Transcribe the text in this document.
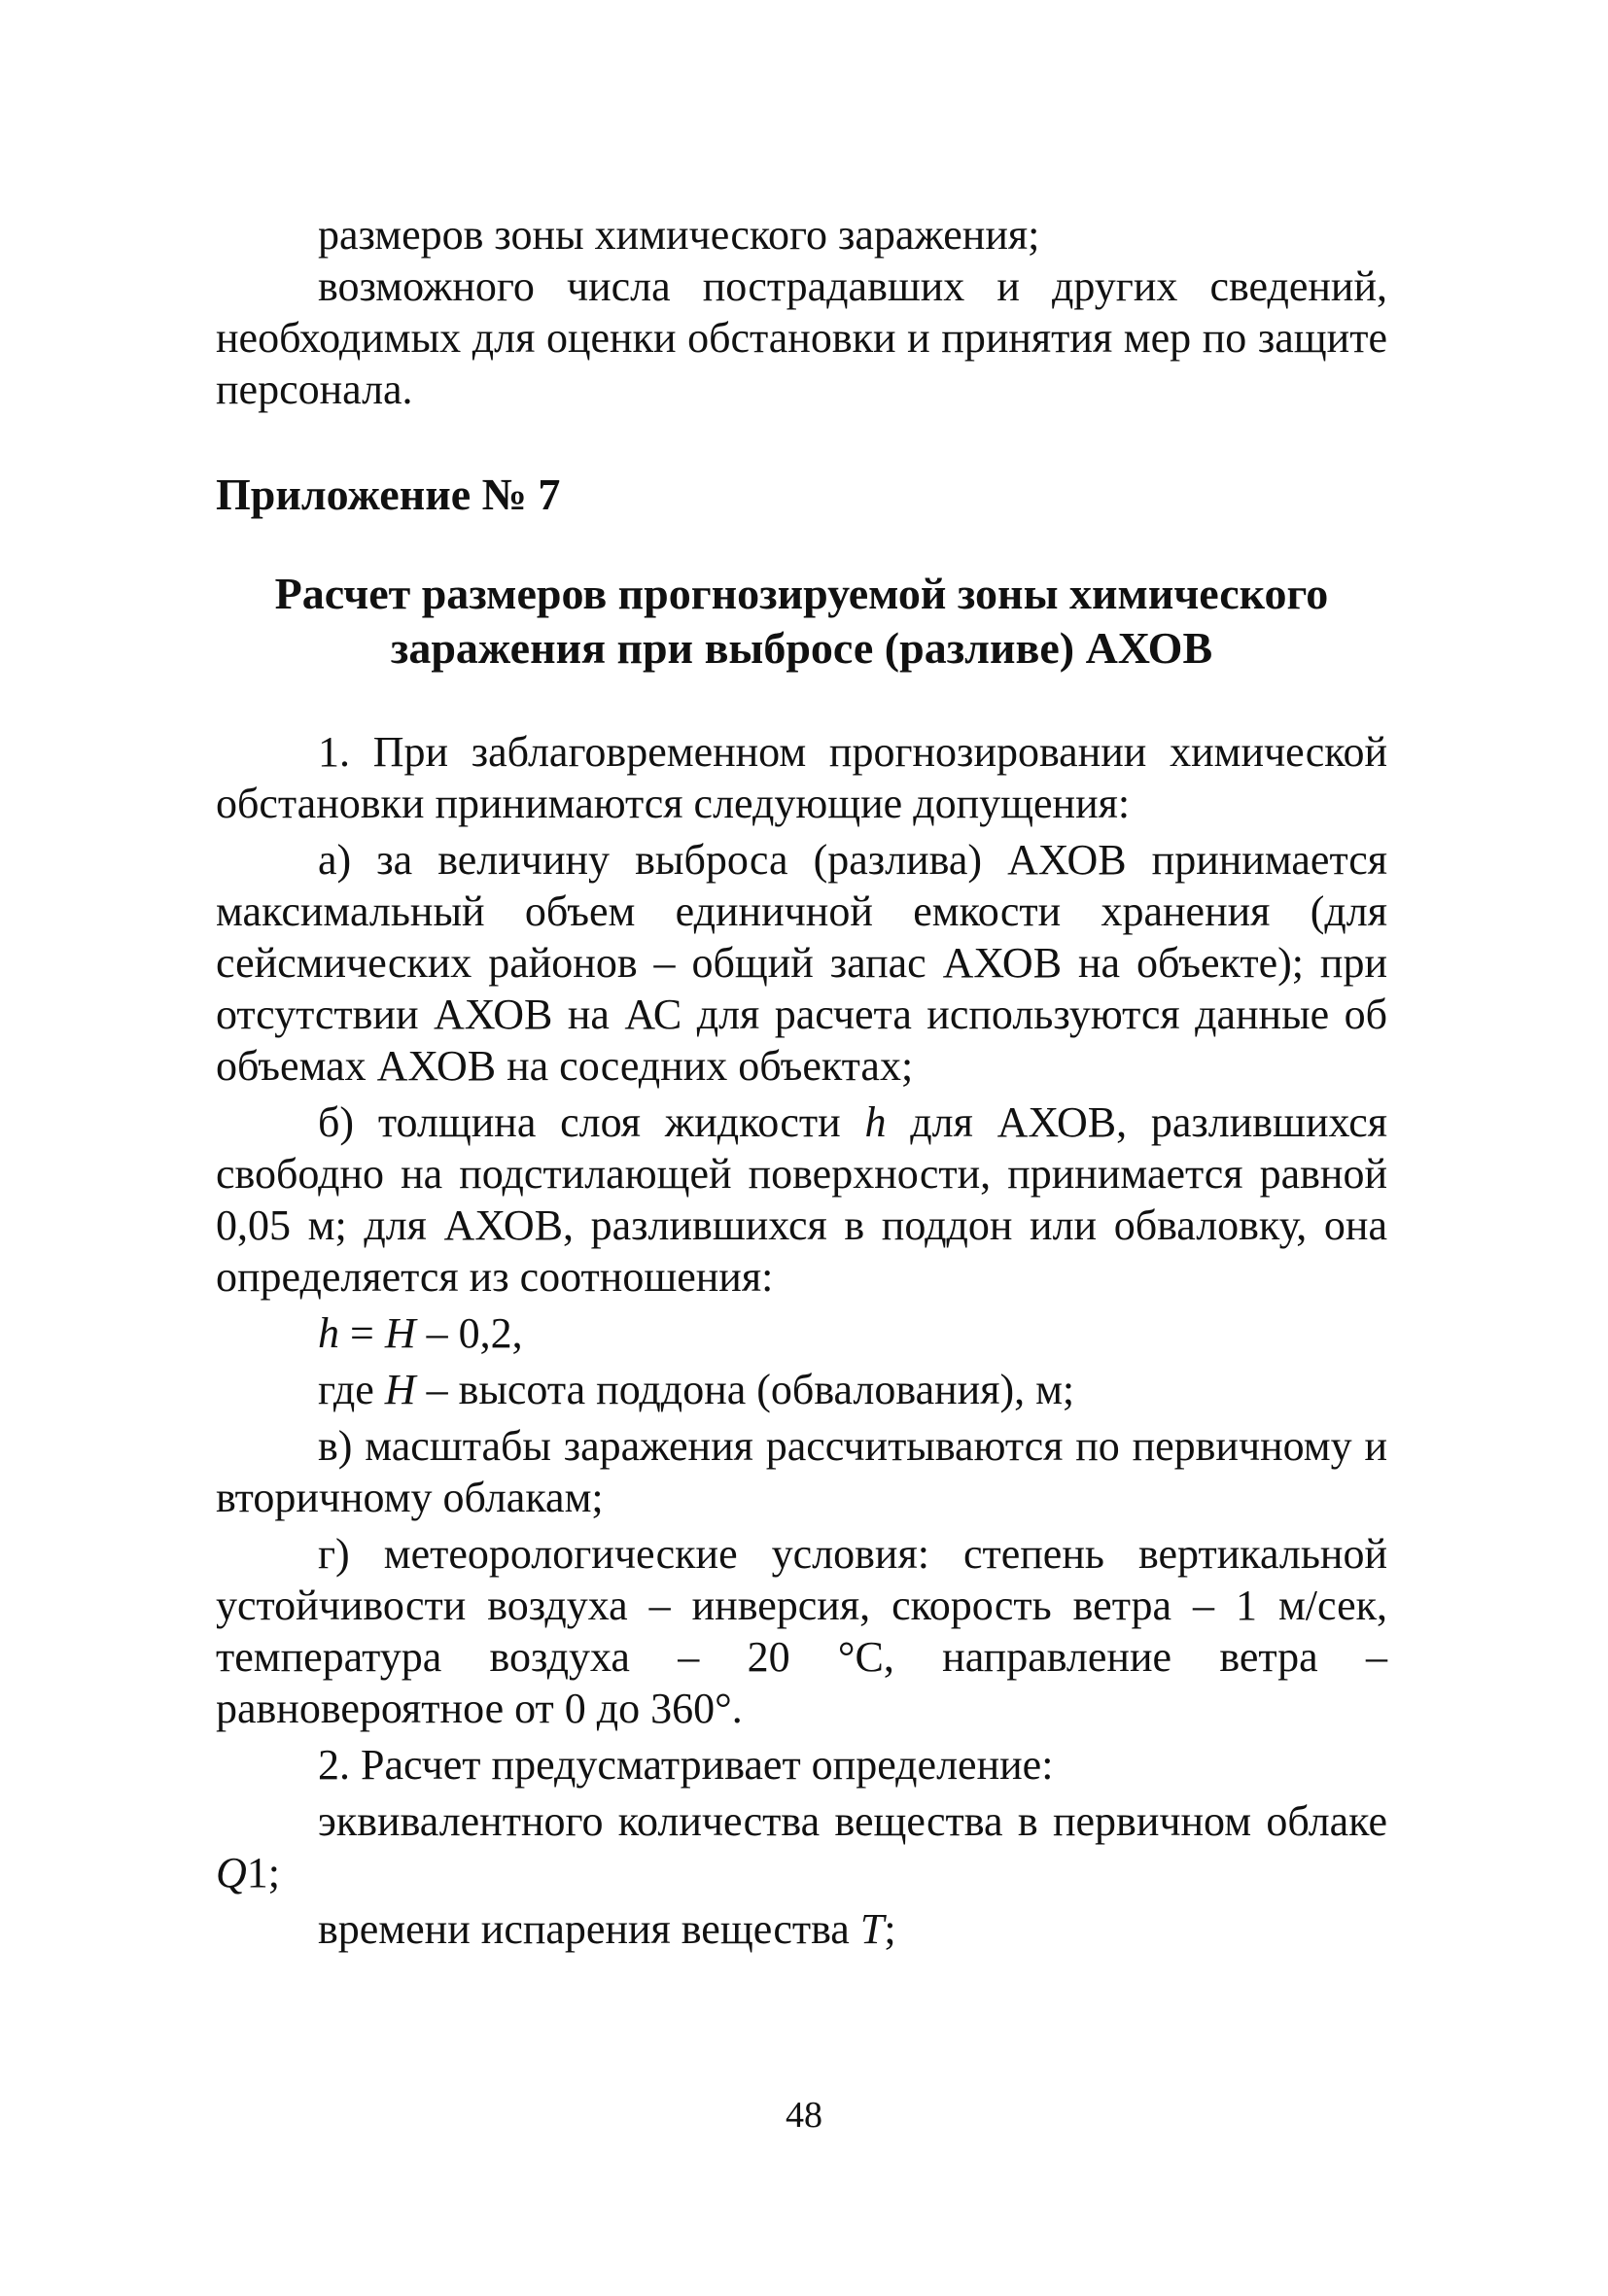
размеров зоны химического заражения;

возможного числа пострадавших и других сведений, необходимых для оценки обстановки и принятия мер по защите персонала.

Приложение № 7

Расчет размеров прогнозируемой зоны химического
заражения при выбросе (разливе) АХОВ

1. При заблаговременном прогнозировании химической обстановки принимаются следующие допущения:

а) за величину выброса (разлива) АХОВ принимается максимальный объем единичной емкости хранения (для сейсмических районов – общий запас АХОВ на объекте); при отсутствии АХОВ на АС для расчета используются данные об объемах АХОВ на соседних объектах;

б) толщина слоя жидкости h для АХОВ, разлившихся свободно на подстилающей поверхности, принимается равной 0,05 м; для АХОВ, разлившихся в поддон или обваловку, она определяется из соотношения:

h = H – 0,2,

где H – высота поддона (обвалования), м;

в) масштабы заражения рассчитываются по первичному и вторичному облакам;

г) метеорологические условия: степень вертикальной устойчивости воздуха – инверсия, скорость ветра – 1 м/сек, температура воздуха – 20 °С, направление ветра – равновероятное от 0 до 360°.

2. Расчет предусматривает определение:

эквивалентного количества вещества в первичном облаке Q1;

времени испарения вещества T;

48
